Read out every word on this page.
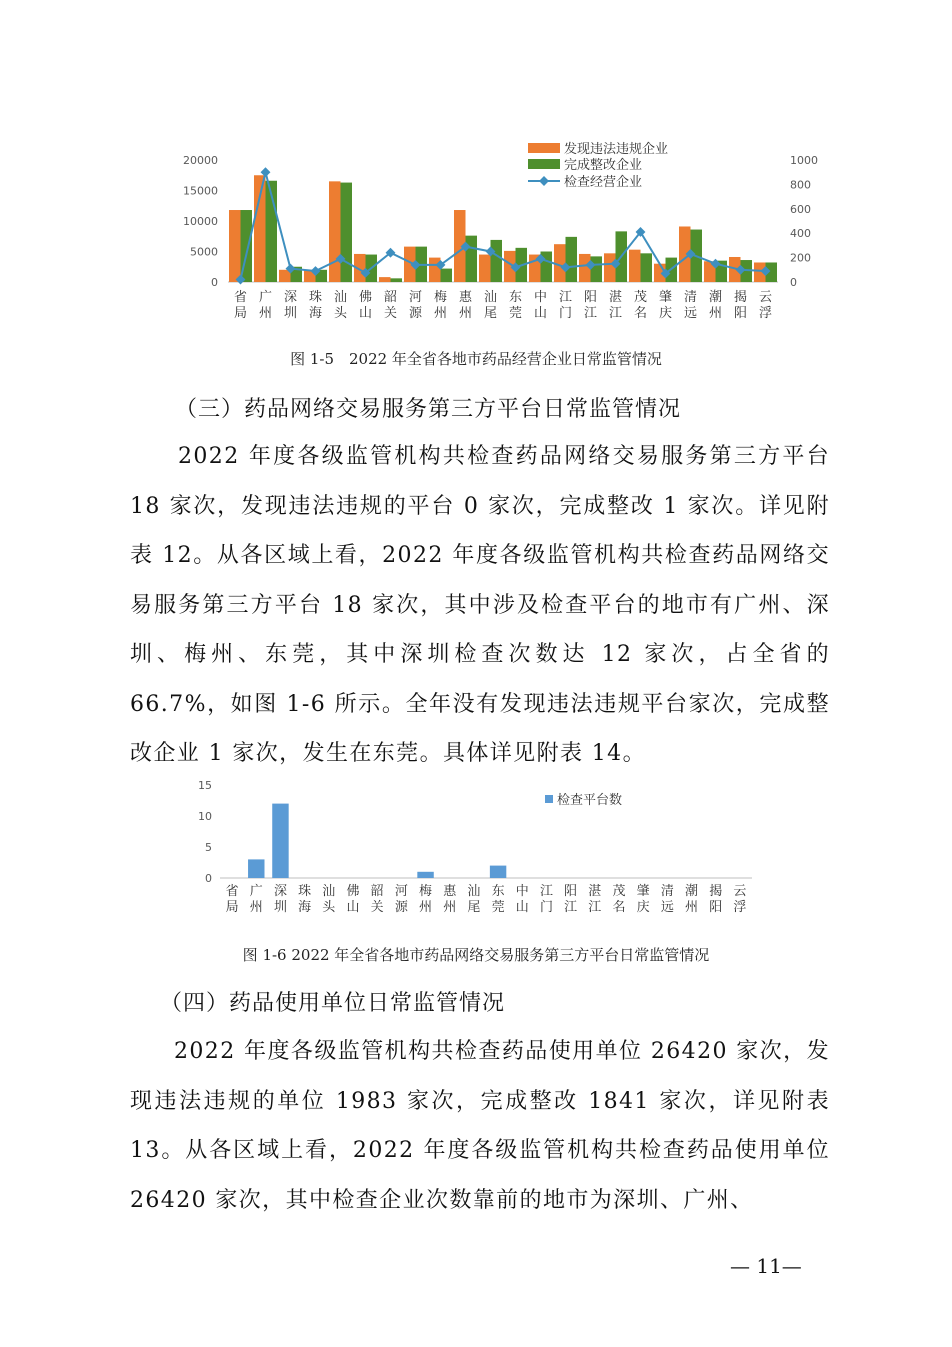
0
5000
10000
15000
20000
0
200
400
600
800
1000
省
局
广
州
深
圳
珠
海
汕
头
佛
山
韶
关
河
源
梅
州
惠
州
汕
尾
东
莞
中
山
江
门
阳
江
湛
江
茂
名
肇
庆
清
远
潮
州
揭
阳
云
浮
发现违法违规企业
完成整改企业
检查经营企业
图 1-5　2022 年全省各地市药品经营企业日常监管情况
（三）药品网络交易服务第三方平台日常监管情况

2022 年度各级监管机构共检查药品网络交易服务第三方平台 18 家次，发现违法违规的平台 0 家次，完成整改 1 家次。详见附表 12。从各区域上看，2022 年度各级监管机构共检查药品网络交易服务第三方平台 18 家次，其中涉及检查平台的地市有广州、深圳、梅州、东莞，其中深圳检查次数达 12 家次，占全省的 66.7%，如图 1-6 所示。全年没有发现违法违规平台家次，完成整改企业 1 家次，发生在东莞。具体详见附表 14。

0
5
10
15
省
局
广
州
深
圳
珠
海
汕
头
佛
山
韶
关
河
源
梅
州
惠
州
汕
尾
东
莞
中
山
江
门
阳
江
湛
江
茂
名
肇
庆
清
远
潮
州
揭
阳
云
浮
检查平台数
图 1-6 2022 年全省各地市药品网络交易服务第三方平台日常监管情况
（四）药品使用单位日常监管情况

2022 年度各级监管机构共检查药品使用单位 26420 家次，发现违法违规的单位 1983 家次，完成整改 1841 家次，详见附表 13。从各区域上看，2022 年度各级监管机构共检查药品使用单位 26420 家次，其中检查企业次数靠前的地市为深圳、广州、

— 11—
